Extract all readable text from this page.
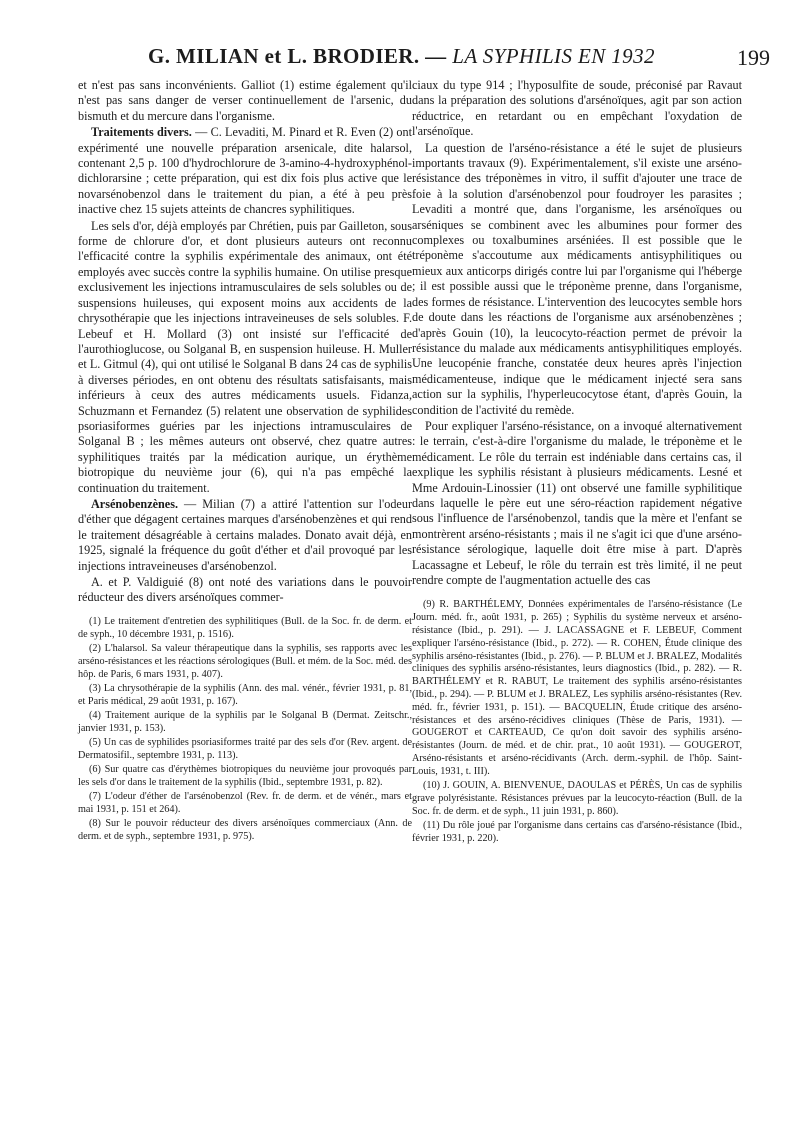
G. MILIAN et L. BRODIER. — LA SYPHILIS EN 1932	199

et n'est pas sans inconvénients. Galliot (1) estime également qu'il n'est pas sans danger de verser continuellement de l'arsenic, du bismuth et du mercure dans l'organisme.

Traitements divers. — C. Levaditi, M. Pinard et R. Even (2) ont expérimenté une nouvelle préparation arsenicale, dite halarsol, contenant 2,5 p. 100 d'hydrochlorure de 3-amino-4-hydroxyphénol-dichlorarsine ; cette préparation, qui est dix fois plus active que le novarsénobenzol dans le traitement du pian, a été à peu près inactive chez 15 sujets atteints de chancres syphilitiques.

Les sels d'or, déjà employés par Chrétien, puis par Gailleton, sous forme de chlorure d'or, et dont plusieurs auteurs ont reconnu l'efficacité contre la syphilis expérimentale des animaux, ont été employés avec succès contre la syphilis humaine. On utilise presque exclusivement les injections intramusculaires de sels solubles ou de suspensions huileuses, qui exposent moins aux accidents de la chrysothérapie que les injections intraveineuses de sels solubles. F. Lebeuf et H. Mollard (3) ont insisté sur l'efficacité de l'aurothioglucose, ou Solganal B, en suspension huileuse. H. Muller et L. Gitmul (4), qui ont utilisé le Solganal B dans 24 cas de syphilis à diverses périodes, en ont obtenu des résultats satisfaisants, mais inférieurs à ceux des autres médicaments usuels. Fidanza, Schuzmann et Fernandez (5) relatent une observation de syphilides psoriasiformes guéries par les injections intramusculaires de Solganal B ; les mêmes auteurs ont observé, chez quatre autres syphilitiques traités par la médication aurique, un érythème biotropique du neuvième jour (6), qui n'a pas empêché la continuation du traitement.

Arsénobenzènes. — Milian (7) a attiré l'attention sur l'odeur d'éther que dégagent certaines marques d'arsénobenzènes et qui rend le traitement désagréable à certains malades. Donato avait déjà, en 1925, signalé la fréquence du goût d'éther et d'ail provoqué par les injections intraveineuses d'arsénobenzol.

A. et P. Valdiguié (8) ont noté des variations dans le pouvoir réducteur des divers arsénoïques commer-

(1) Le traitement d'entretien des syphilitiques (Bull. de la Soc. fr. de derm. et de syph., 10 décembre 1931, p. 1516).

(2) L'halarsol. Sa valeur thérapeutique dans la syphilis, ses rapports avec les arséno-résistances et les réactions sérologiques (Bull. et mém. de la Soc. méd. des hôp. de Paris, 6 mars 1931, p. 407).

(3) La chrysothérapie de la syphilis (Ann. des mal. vénér., février 1931, p. 81, et Paris médical, 29 août 1931, p. 167).

(4) Traitement aurique de la syphilis par le Solganal B (Dermat. Zeitschr., janvier 1931, p. 153).

(5) Un cas de syphilides psoriasiformes traité par des sels d'or (Rev. argent. de Dermatosifil., septembre 1931, p. 113).

(6) Sur quatre cas d'érythèmes biotropiques du neuvième jour provoqués par les sels d'or dans le traitement de la syphilis (Ibid., septembre 1931, p. 82).

(7) L'odeur d'éther de l'arsénobenzol (Rev. fr. de derm. et de vénér., mars et mai 1931, p. 151 et 264).

(8) Sur le pouvoir réducteur des divers arsénoïques commerciaux (Ann. de derm. et de syph., septembre 1931, p. 975).

ciaux du type 914 ; l'hyposulfite de soude, préconisé par Ravaut dans la préparation des solutions d'arsénoïques, agit par son action réductrice, en retardant ou en empêchant l'oxydation de l'arsénoïque.

La question de l'arséno-résistance a été le sujet de plusieurs importants travaux (9). Expérimentalement, s'il existe une arséno-résistance des tréponèmes in vitro, il suffit d'ajouter une trace de foie à la solution d'arsénobenzol pour foudroyer les parasites ; Levaditi a montré que, dans l'organisme, les arsénoïques ou arséniques se combinent avec les albumines pour former des complexes ou toxalbumines arséniées. Il est possible que le tréponème s'accoutume aux médicaments antisyphilitiques ou mieux aux anticorps dirigés contre lui par l'organisme qui l'héberge ; il est possible aussi que le tréponème prenne, dans l'organisme, des formes de résistance. L'intervention des leucocytes semble hors de doute dans les réactions de l'organisme aux arsénobenzènes ; d'après Gouin (10), la leucocyto-réaction permet de prévoir la résistance du malade aux médicaments antisyphilitiques employés. Une leucopénie franche, constatée deux heures après l'injection médicamenteuse, indique que le médicament injecté sera sans action sur la syphilis, l'hyperleucocytose étant, d'après Gouin, la condition de l'activité du remède.

Pour expliquer l'arséno-résistance, on a invoqué alternativement : le terrain, c'est-à-dire l'organisme du malade, le tréponème et le médicament. Le rôle du terrain est indéniable dans certains cas, il explique les syphilis résistant à plusieurs médicaments. Lesné et Mme Ardouin-Linossier (11) ont observé une famille syphilitique dans laquelle le père eut une séro-réaction rapidement négative sous l'influence de l'arsénobenzol, tandis que la mère et l'enfant se montrèrent arséno-résistants ; mais il ne s'agit ici que d'une arséno-résistance sérologique, laquelle doit être mise à part. D'après Lacassagne et Lebeuf, le rôle du terrain est très limité, il ne peut rendre compte de l'augmentation actuelle des cas

(9) R. BARTHÉLEMY, Données expérimentales de l'arséno-résistance (Le Journ. méd. fr., août 1931, p. 265) ; Syphilis du système nerveux et arséno-résistance (Ibid., p. 291). — J. LACASSAGNE et F. LEBEUF, Comment expliquer l'arséno-résistance (Ibid., p. 272). — R. COHEN, Étude clinique des syphilis arséno-résistantes (Ibid., p. 276). — P. BLUM et J. BRALEZ, Modalités cliniques des syphilis arséno-résistantes, leurs diagnostics (Ibid., p. 282). — R. BARTHÉLEMY et R. RABUT, Le traitement des syphilis arséno-résistantes (Ibid., p. 294). — P. BLUM et J. BRALEZ, Les syphilis arséno-résistantes (Rev. méd. fr., février 1931, p. 151). — BACQUELIN, Étude critique des arséno-résistances et des arséno-récidives cliniques (Thèse de Paris, 1931). — GOUGEROT et CARTEAUD, Ce qu'on doit savoir des syphilis arséno-résistantes (Journ. de méd. et de chir. prat., 10 août 1931). — GOUGEROT, Arséno-résistants et arséno-récidivants (Arch. derm.-syphil. de l'hôp. Saint-Louis, 1931, t. III).

(10) J. GOUIN, A. BIENVENUE, DAOULAS et PÉRÈS, Un cas de syphilis grave polyrésistante. Résistances prévues par la leucocyto-réaction (Bull. de la Soc. fr. de derm. et de syph., 11 juin 1931, p. 860).

(11) Du rôle joué par l'organisme dans certains cas d'arséno-résistance (Ibid., février 1931, p. 220).
